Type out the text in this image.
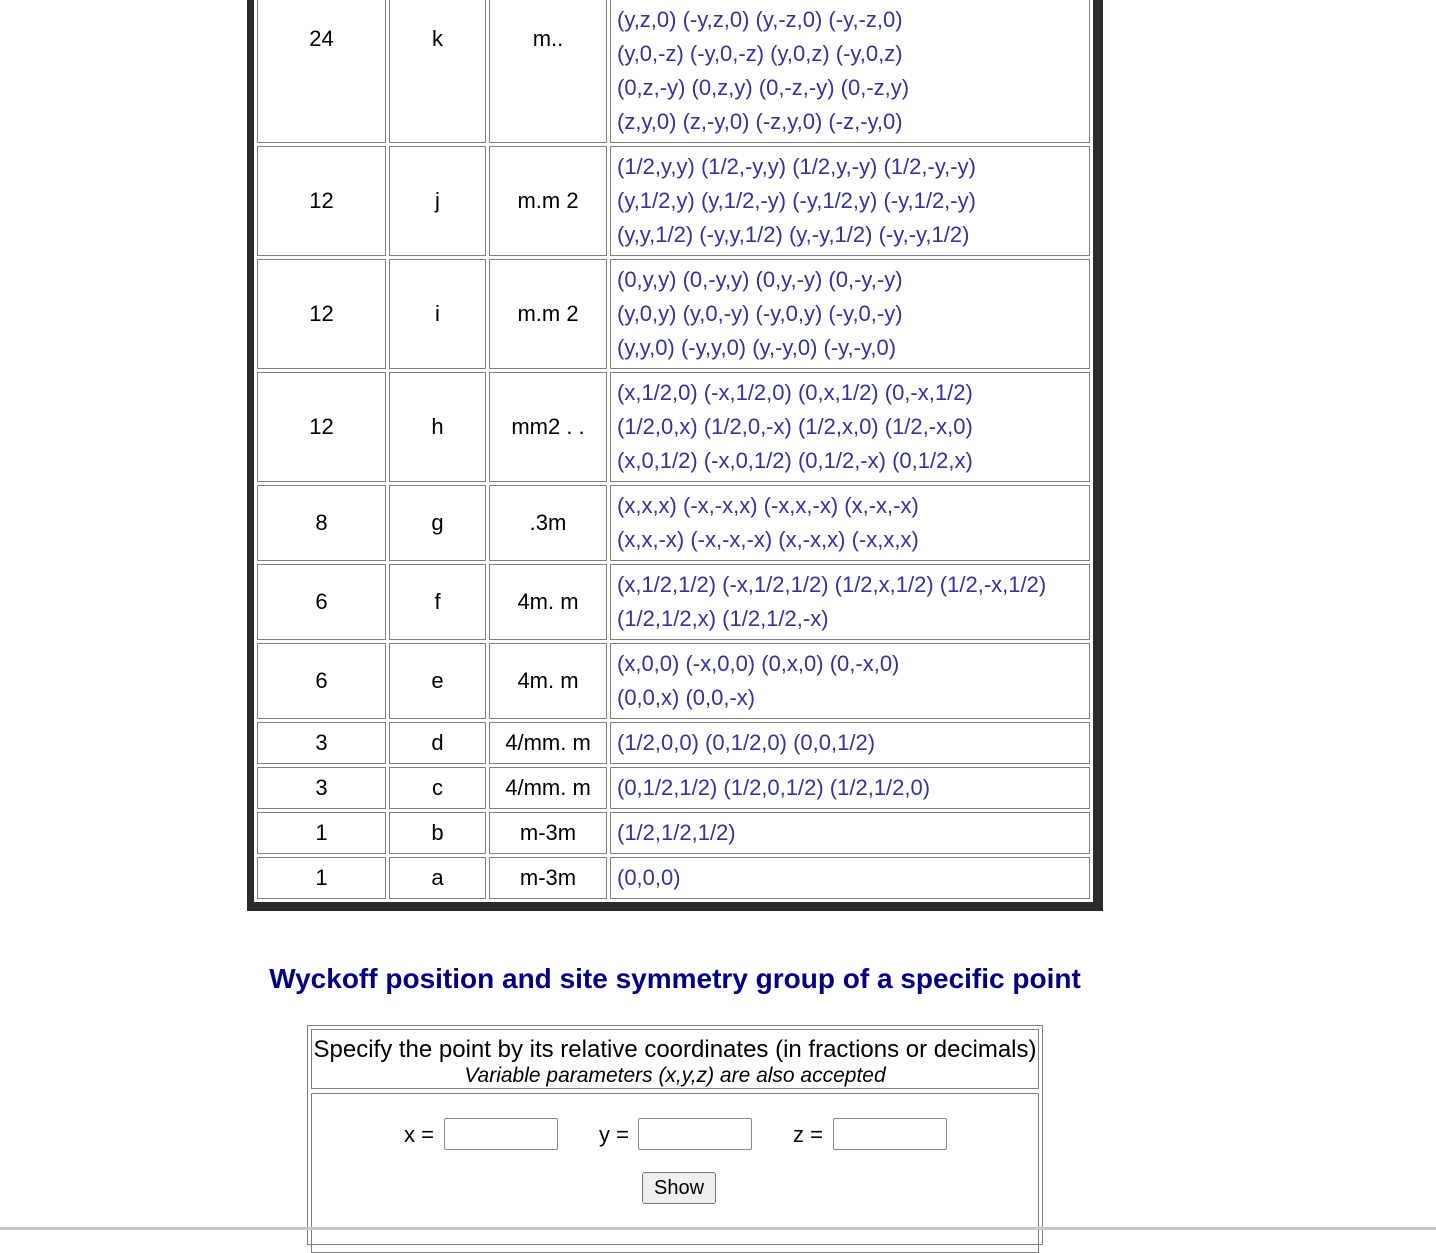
24	k	m..	(y,z,0) (-y,z,0) (y,-z,0) (-y,-z,0)
(y,0,-z) (-y,0,-z) (y,0,z) (-y,0,z)
(0,z,-y) (0,z,y) (0,-z,-y) (0,-z,y)
(z,y,0) (z,-y,0) (-z,y,0) (-z,-y,0)

12	j	m.m 2	(1/2,y,y) (1/2,-y,y) (1/2,y,-y) (1/2,-y,-y)
(y,1/2,y) (y,1/2,-y) (-y,1/2,y) (-y,1/2,-y)
(y,y,1/2) (-y,y,1/2) (y,-y,1/2) (-y,-y,1/2)

12	i	m.m 2	(0,y,y) (0,-y,y) (0,y,-y) (0,-y,-y)
(y,0,y) (y,0,-y) (-y,0,y) (-y,0,-y)
(y,y,0) (-y,y,0) (y,-y,0) (-y,-y,0)

12	h	mm2 . .	(x,1/2,0) (-x,1/2,0) (0,x,1/2) (0,-x,1/2)
(1/2,0,x) (1/2,0,-x) (1/2,x,0) (1/2,-x,0)
(x,0,1/2) (-x,0,1/2) (0,1/2,-x) (0,1/2,x)

8	g	.3m	(x,x,x) (-x,-x,x) (-x,x,-x) (x,-x,-x)
(x,x,-x) (-x,-x,-x) (x,-x,x) (-x,x,x)

6	f	4m. m	(x,1/2,1/2) (-x,1/2,1/2) (1/2,x,1/2) (1/2,-x,1/2)
(1/2,1/2,x) (1/2,1/2,-x)

6	e	4m. m	(x,0,0) (-x,0,0) (0,x,0) (0,-x,0)
(0,0,x) (0,0,-x)

3	d	4/mm. m	(1/2,0,0) (0,1/2,0) (0,0,1/2)

3	c	4/mm. m	(0,1/2,1/2) (1/2,0,1/2) (1/2,1/2,0)

1	b	m-3m	(1/2,1/2,1/2)

1	a	m-3m	(0,0,0)
Wyckoff position and site symmetry group of a specific point
Specify the point by its relative coordinates (in fractions or decimals)
Variable parameters (x,y,z) are also accepted
x =	y =	z =
Show
